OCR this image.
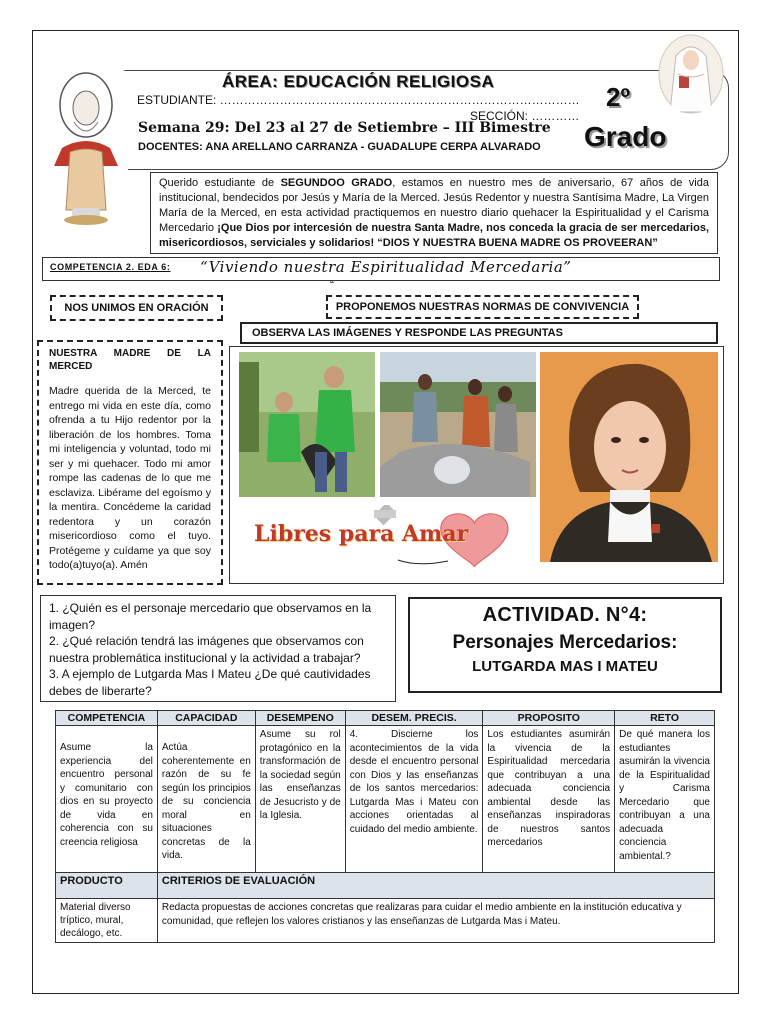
ÁREA: EDUCACIÓN RELIGIOSA
ESTUDIANTE: ………………………………………………………………………………
SECCIÓN: …………
Semana 29: Del 23 al 27 de Setiembre – III Bimestre
DOCENTES: ANA ARELLANO CARRANZA - GUADALUPE CERPA ALVARADO
2º
Grado
Querido estudiante de SEGUNDOO GRADO, estamos en nuestro mes de aniversario, 67 años de vida institucional, bendecidos por Jesús y María de la Merced. Jesús Redentor y nuestra Santísima Madre, La Virgen María de la Merced, en esta actividad practiquemos en nuestro diario quehacer la Espiritualidad y el Carisma Mercedario ¡Que Dios por intercesión de nuestra Santa Madre, nos conceda la gracia de ser mercedarios, misericordiosos, serviciales y solidarios! “DIOS Y NUESTRA BUENA MADRE OS PROVEERAN”
COMPETENCIA 2. EDA 6: “Viviendo nuestra Espiritualidad Mercedaria”
“
NOS UNIMOS EN ORACIÓN	PROPONEMOS NUESTRAS NORMAS DE CONVIVENCIA
OBSERVA LAS IMÁGENES Y RESPONDE LAS PREGUNTAS
NUESTRA MADRE DE LA MERCED
Madre querida de la Merced, te entrego mi vida en este día, como ofrenda a tu Hijo redentor por la liberación de los hombres. Toma mi inteligencia y voluntad, todo mi ser y mi quehacer. Todo mi amor rompe las cadenas de lo que me esclaviza. Libérame del egoísmo y la mentira. Concédeme la caridad redentora y un corazón misericordioso como el tuyo. Protégeme y cuídame ya que soy todo(a)tuyo(a). Amén
Libres para Amar
1. ¿Quién es el personaje mercedario que observamos en la imagen?
2. ¿Qué relación tendrá las imágenes que observamos con nuestra problemática institucional y la actividad a trabajar?
3. A ejemplo de Lutgarda Mas I Mateu ¿De qué cautividades debes de liberarte?
ACTIVIDAD. N°4:
Personajes Mercedarios:
LUTGARDA MAS I MATEU
COMPETENCIA	CAPACIDAD	DESEMPENO	DESEM. PRECIS.	PROPOSITO	RETO
Asume la experiencia del encuentro personal y comunitario con dios en su proyecto de vida en coherencia con su creencia religiosa	Actúa coherentemente en razón de su fe según los principios de su conciencia moral en situaciones concretas de la vida.	Asume su rol protagónico en la transformación de la sociedad según las enseñanzas de Jesucristo y de la Iglesia.	4. Discierne los acontecimientos de la vida desde el encuentro personal con Dios y las enseñanzas de los santos mercedarios: Lutgarda Mas i Mateu con acciones orientadas al cuidado del medio ambiente.	Los estudiantes asumirán la vivencia de la Espiritualidad mercedaria que contribuyan a una adecuada conciencia ambiental desde las enseñanzas inspiradoras de nuestros santos mercedarios	De qué manera los estudiantes asumirán la vivencia de la Espiritualidad y Carisma Mercedario que contribuyan a una adecuada conciencia ambiental.?
PRODUCTO	CRITERIOS DE EVALUACIÓN				
Material diverso tríptico, mural, decálogo, etc.	Redacta propuestas de acciones concretas que realizaras para cuidar el medio ambiente en la institución educativa y comunidad, que reflejen los valores cristianos y las enseñanzas de Lutgarda Mas i Mateu.				
